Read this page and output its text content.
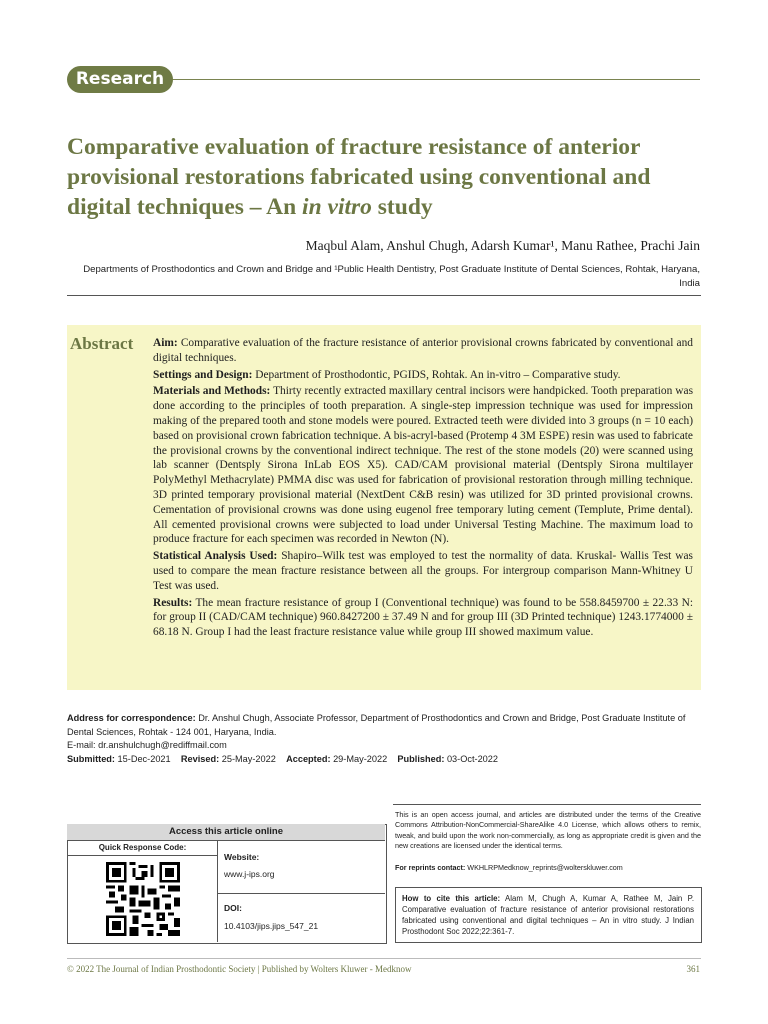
Research
Comparative evaluation of fracture resistance of anterior provisional restorations fabricated using conventional and digital techniques – An in vitro study
Maqbul Alam, Anshul Chugh, Adarsh Kumar¹, Manu Rathee, Prachi Jain
Departments of Prosthodontics and Crown and Bridge and ¹Public Health Dentistry, Post Graduate Institute of Dental Sciences, Rohtak, Haryana, India
Abstract Aim: Comparative evaluation of the fracture resistance of anterior provisional crowns fabricated by conventional and digital techniques.

Settings and Design: Department of Prosthodontic, PGIDS, Rohtak. An in-vitro – Comparative study.

Materials and Methods: Thirty recently extracted maxillary central incisors were handpicked. Tooth preparation was done according to the principles of tooth preparation. A single-step impression technique was used for impression making of the prepared tooth and stone models were poured. Extracted teeth were divided into 3 groups (n = 10 each) based on provisional crown fabrication technique. A bis-acryl-based (Protemp 4 3M ESPE) resin was used to fabricate the provisional crowns by the conventional indirect technique. The rest of the stone models (20) were scanned using lab scanner (Dentsply Sirona InLab EOS X5). CAD/CAM provisional material (Dentsply Sirona multilayer PolyMethyl Methacrylate) PMMA disc was used for fabrication of provisional restoration through milling technique. 3D printed temporary provisional material (NextDent C&B resin) was utilized for 3D printed provisional crowns. Cementation of provisional crowns was done using eugenol free temporary luting cement (Templute, Prime dental). All cemented provisional crowns were subjected to load under Universal Testing Machine. The maximum load to produce fracture for each specimen was recorded in Newton (N).

Statistical Analysis Used: Shapiro–Wilk test was employed to test the normality of data. Kruskal- Wallis Test was used to compare the mean fracture resistance between all the groups. For intergroup comparison Mann-Whitney U Test was used.

Results: The mean fracture resistance of group I (Conventional technique) was found to be 558.8459700 ± 22.33 N: for group II (CAD/CAM technique) 960.8427200 ± 37.49 N and for group III (3D Printed technique) 1243.1774000 ± 68.18 N. Group I had the least fracture resistance value while group III showed maximum value.

Address for correspondence: Dr. Anshul Chugh, Associate Professor, Department of Prosthodontics and Crown and Bridge, Post Graduate Institute of Dental Sciences, Rohtak - 124 001, Haryana, India.
E-mail: dr.anshulchugh@rediffmail.com
Submitted: 15-Dec-2021 Revised: 25-May-2022 Accepted: 29-May-2022 Published: 03-Oct-2022
Access this article online
Quick Response Code:
Website:
www.j-ips.org
DOI:
10.4103/jips.jips_547_21
This is an open access journal, and articles are distributed under the terms of the Creative Commons Attribution-NonCommercial-ShareAlike 4.0 License, which allows others to remix, tweak, and build upon the work non-commercially, as long as appropriate credit is given and the new creations are licensed under the identical terms.
For reprints contact: WKHLRPMedknow_reprints@wolterskluwer.com
How to cite this article: Alam M, Chugh A, Kumar A, Rathee M, Jain P. Comparative evaluation of fracture resistance of anterior provisional restorations fabricated using conventional and digital techniques – An in vitro study. J Indian Prosthodont Soc 2022;22:361-7.
© 2022 The Journal of Indian Prosthodontic Society | Published by Wolters Kluwer - Medknow	361
